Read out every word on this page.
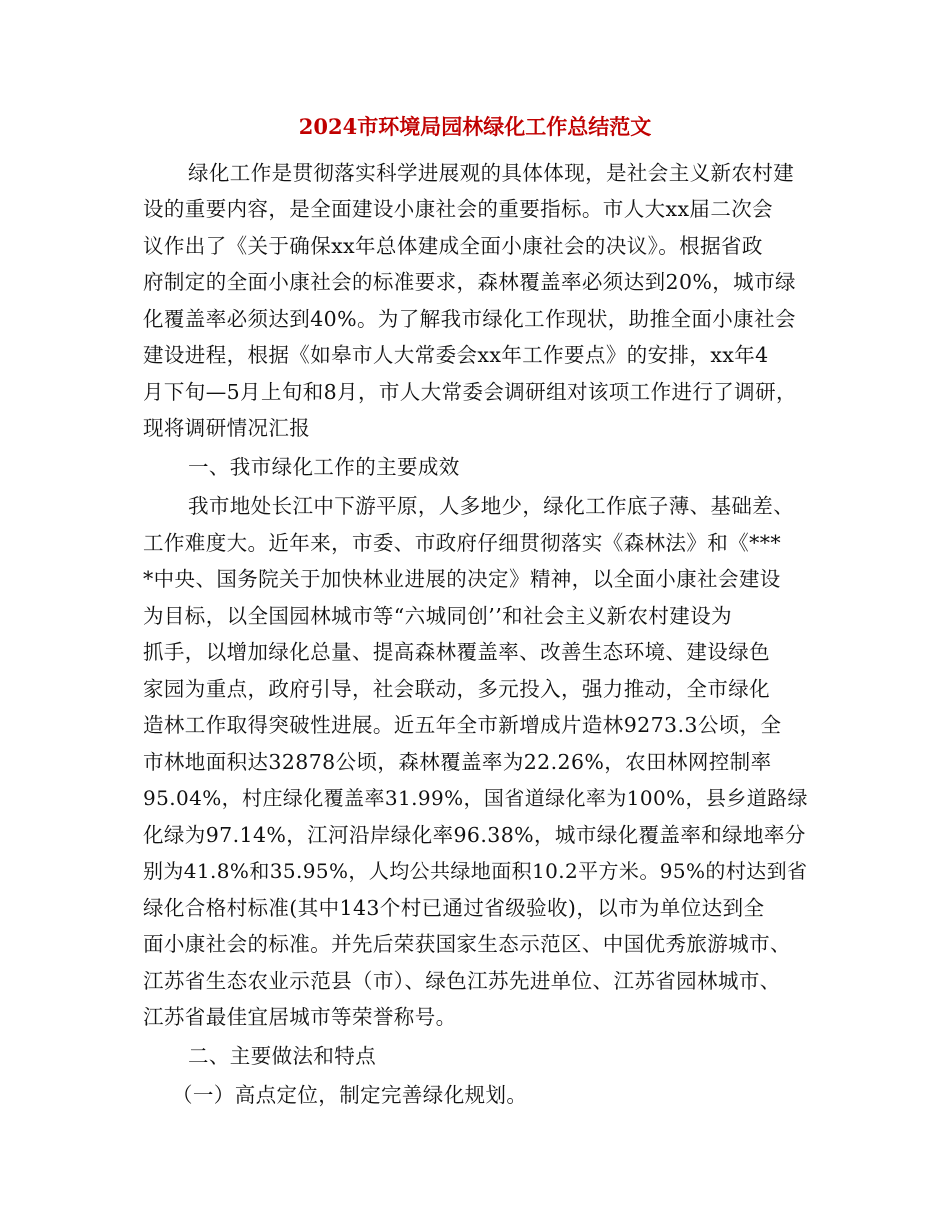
2024市环境局园林绿化工作总结范文
绿化工作是贯彻落实科学进展观的具体体现，是社会主义新农村建
设的重要内容，是全面建设小康社会的重要指标。市人大xx届二次会
议作出了《关于确保xx年总体建成全面小康社会的决议》。根据省政
府制定的全面小康社会的标准要求，森林覆盖率必须达到20%，城市绿
化覆盖率必须达到40%。为了解我市绿化工作现状，助推全面小康社会
建设进程，根据《如皋市人大常委会xx年工作要点》的安排，xx年4
月下旬—5月上旬和8月，市人大常委会调研组对该项工作进行了调研，
现将调研情况汇报
一、我市绿化工作的主要成效
我市地处长江中下游平原，人多地少，绿化工作底子薄、基础差、
工作难度大。近年来，市委、市政府仔细贯彻落实《森林法》和《***
*中央、国务院关于加快林业进展的决定》精神，以全面小康社会建设
为目标，以全国园林城市等“六城同创’’和社会主义新农村建设为
抓手，以增加绿化总量、提高森林覆盖率、改善生态环境、建设绿色
家园为重点，政府引导，社会联动，多元投入，强力推动，全市绿化
造林工作取得突破性进展。近五年全市新增成片造林9273.3公顷，全
市林地面积达32878公顷，森林覆盖率为22.26%，农田林网控制率
95.04%，村庄绿化覆盖率31.99%，国省道绿化率为100%，县乡道路绿
化绿为97.14%，江河沿岸绿化率96.38%，城市绿化覆盖率和绿地率分
别为41.8%和35.95%，人均公共绿地面积10.2平方米。95%的村达到省
绿化合格村标准(其中143个村已通过省级验收)，以市为单位达到全
面小康社会的标准。并先后荣获国家生态示范区、中国优秀旅游城市、
江苏省生态农业示范县（市）、绿色江苏先进单位、江苏省园林城市、
江苏省最佳宜居城市等荣誉称号。
二、主要做法和特点
（一）高点定位，制定完善绿化规划。
